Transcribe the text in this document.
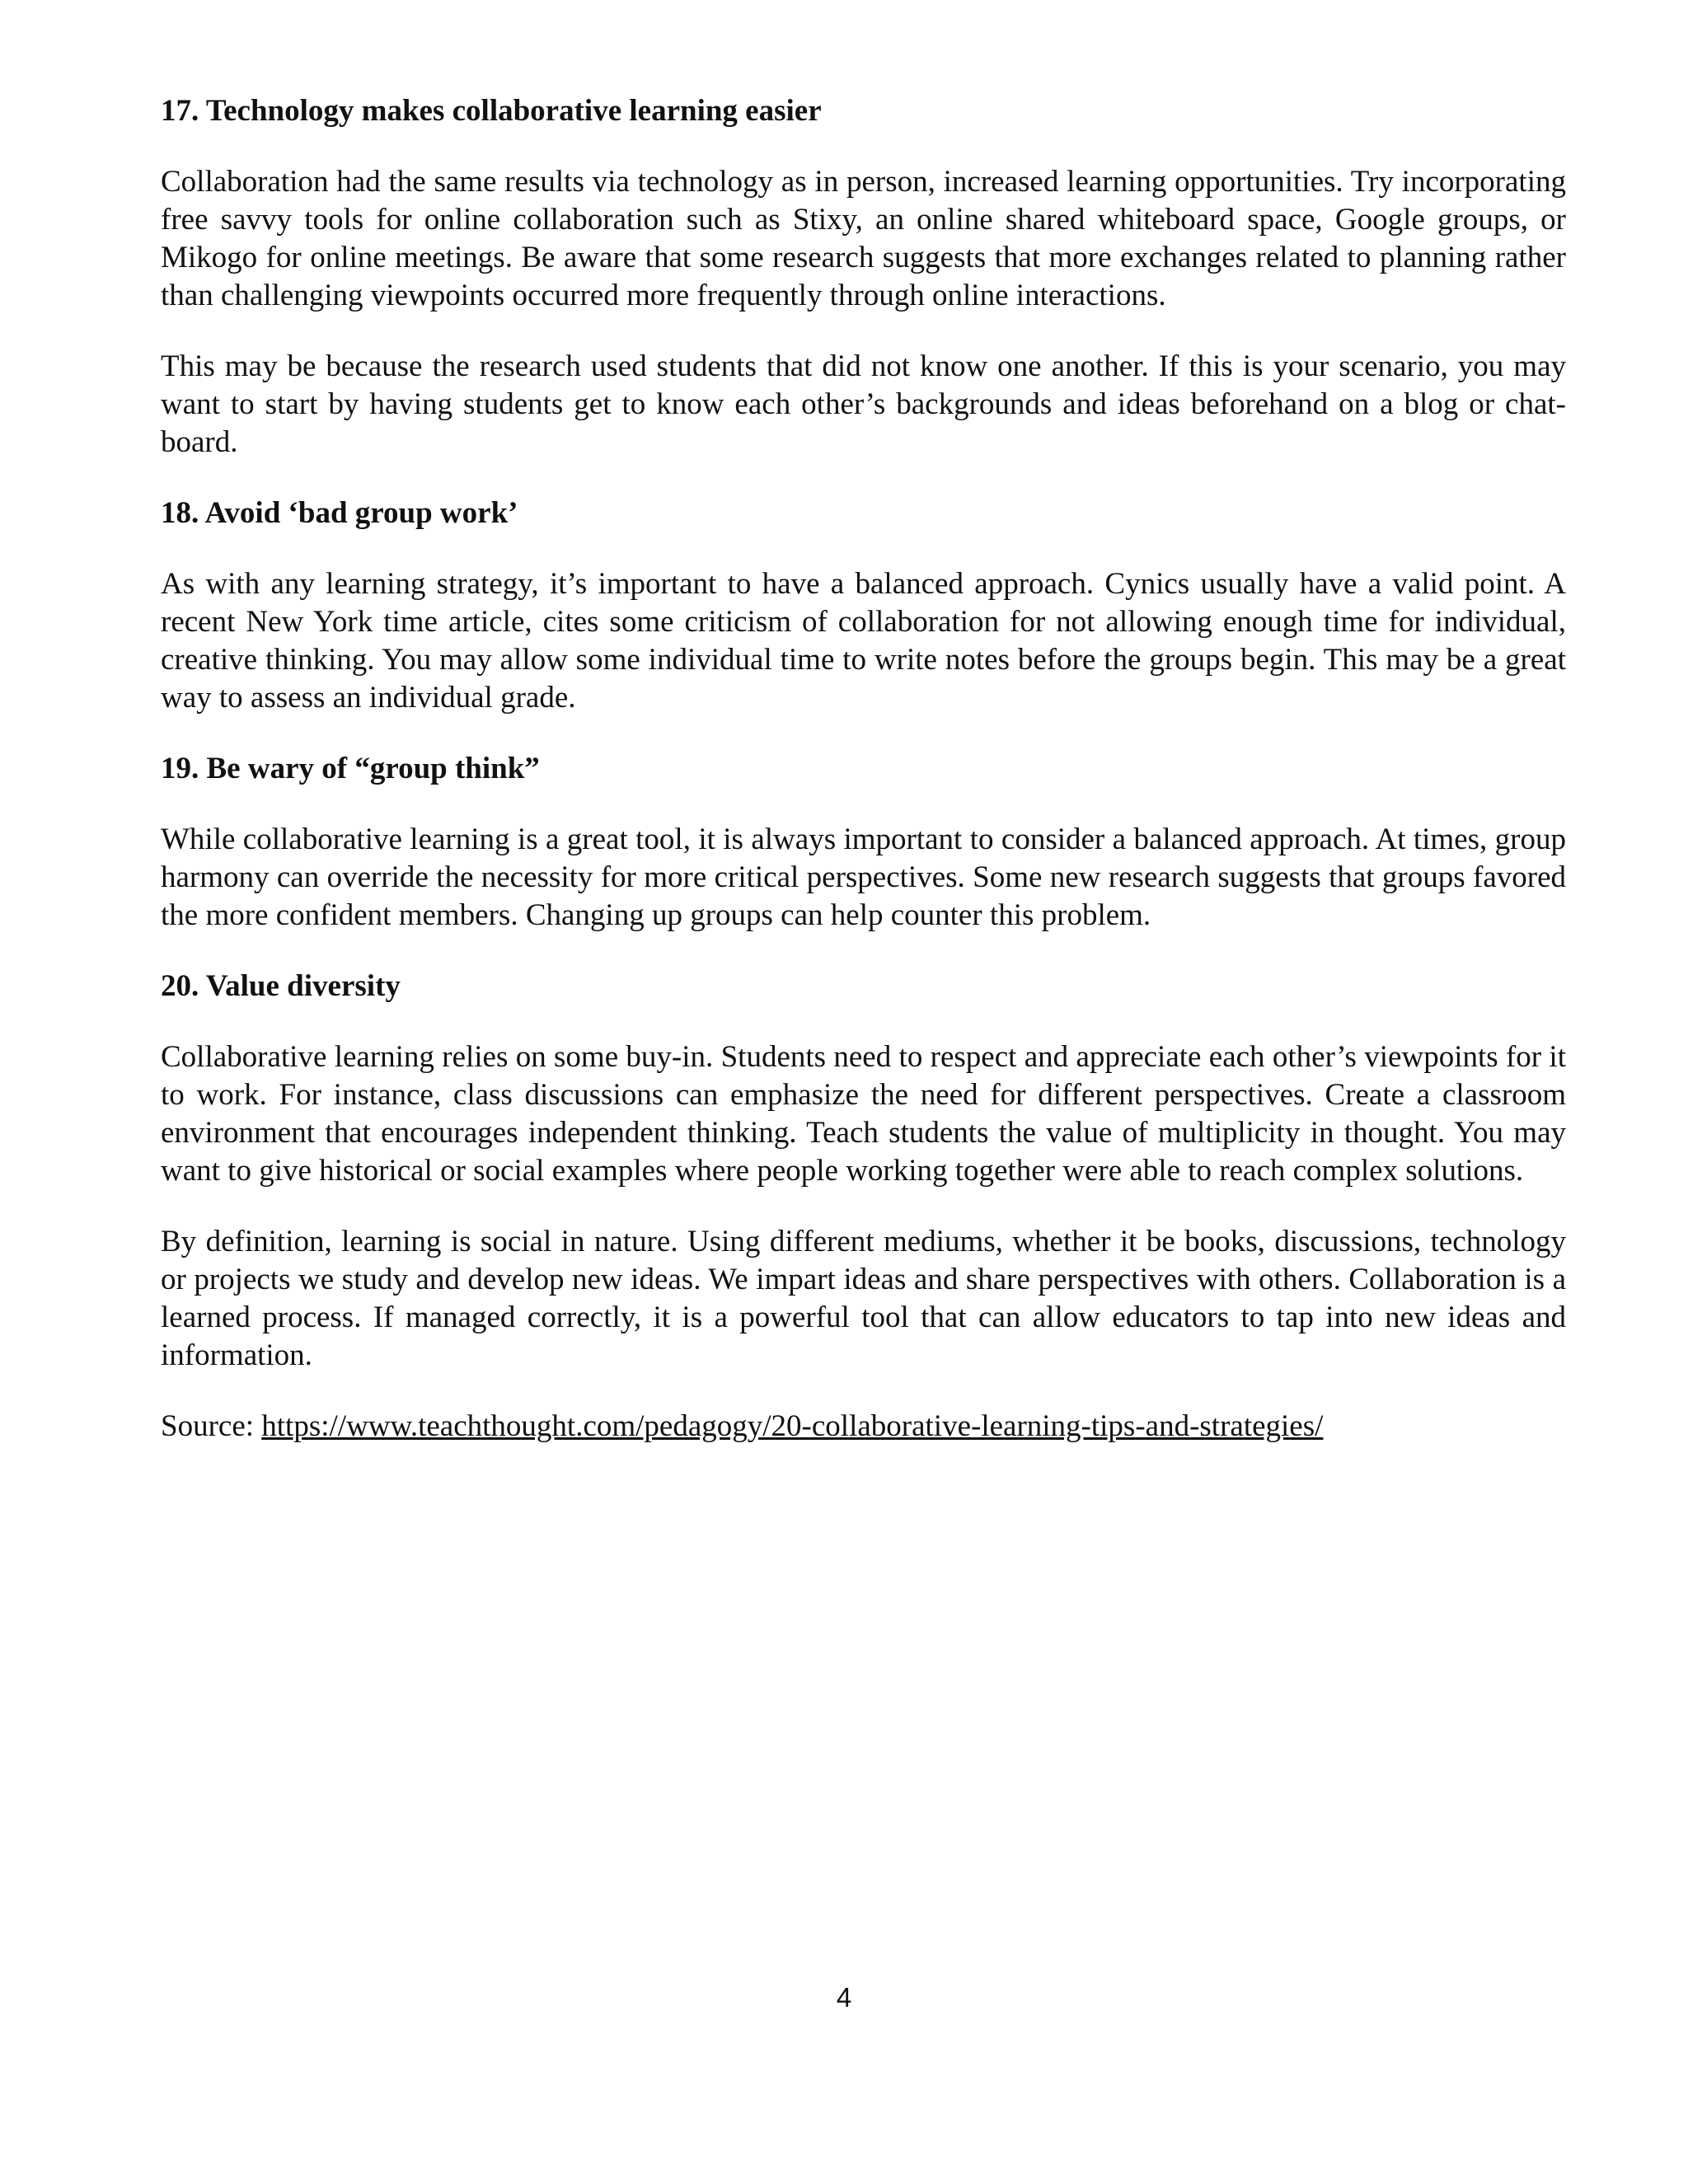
17. Technology makes collaborative learning easier

Collaboration had the same results via technology as in person, increased learning opportunities. Try incorporating free savvy tools for online collaboration such as Stixy, an online shared whiteboard space, Google groups, or Mikogo for online meetings. Be aware that some research suggests that more exchanges related to planning rather than challenging viewpoints occurred more frequently through online interactions.

This may be because the research used students that did not know one another. If this is your scenario, you may want to start by having students get to know each other’s backgrounds and ideas beforehand on a blog or chat-board.

18. Avoid ‘bad group work’

As with any learning strategy, it’s important to have a balanced approach. Cynics usually have a valid point. A recent New York time article, cites some criticism of collaboration for not allowing enough time for individual, creative thinking. You may allow some individual time to write notes before the groups begin. This may be a great way to assess an individual grade.

19. Be wary of “group think”

While collaborative learning is a great tool, it is always important to consider a balanced approach. At times, group harmony can override the necessity for more critical perspectives. Some new research suggests that groups favored the more confident members. Changing up groups can help counter this problem.

20. Value diversity

Collaborative learning relies on some buy-in. Students need to respect and appreciate each other’s viewpoints for it to work. For instance, class discussions can emphasize the need for different perspectives. Create a classroom environment that encourages independent thinking. Teach students the value of multiplicity in thought. You may want to give historical or social examples where people working together were able to reach complex solutions.

By definition, learning is social in nature. Using different mediums, whether it be books, discussions, technology or projects we study and develop new ideas. We impart ideas and share perspectives with others. Collaboration is a learned process. If managed correctly, it is a powerful tool that can allow educators to tap into new ideas and information.

Source: https://www.teachthought.com/pedagogy/20-collaborative-learning-tips-and-strategies/

4
